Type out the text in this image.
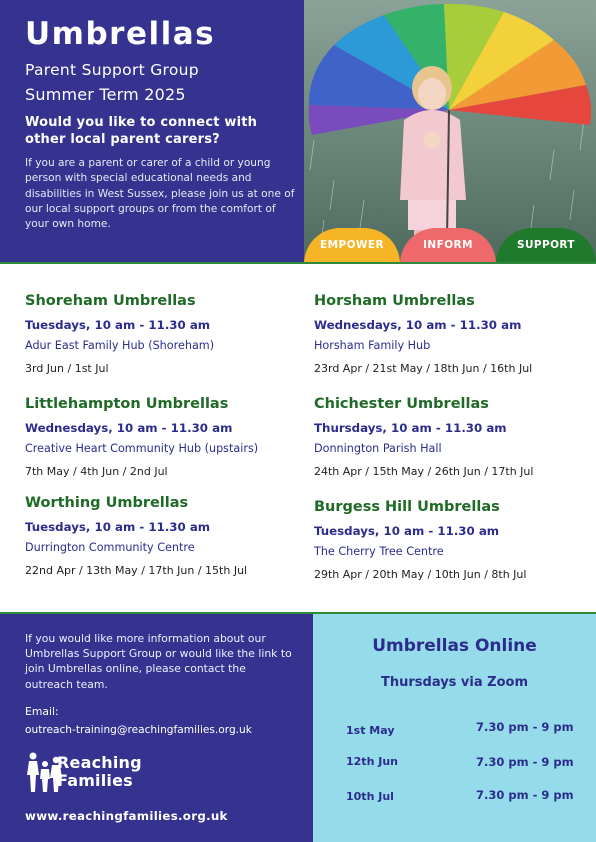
Umbrellas
Parent Support Group
Summer Term 2025
Would you like to connect with other local parent carers?
If you are a parent or carer of a child or young person with special educational needs and disabilities in West Sussex, please join us at one of our local support groups or from the comfort of your own home.
EMPOWER	INFORM	SUPPORT
Shoreham Umbrellas
Tuesdays, 10 am - 11.30 am
Adur East Family Hub (Shoreham)
3rd Jun / 1st Jul
Littlehampton Umbrellas
Wednesdays, 10 am - 11.30 am
Creative Heart Community Hub (upstairs)
7th May / 4th Jun / 2nd Jul
Worthing Umbrellas
Tuesdays, 10 am - 11.30 am
Durrington Community Centre
22nd Apr / 13th May / 17th Jun / 15th Jul
Horsham Umbrellas
Wednesdays, 10 am - 11.30 am
Horsham Family Hub
23rd Apr / 21st May / 18th Jun / 16th Jul
Chichester Umbrellas
Thursdays, 10 am - 11.30 am
Donnington Parish Hall
24th Apr / 15th May / 26th Jun / 17th Jul
Burgess Hill Umbrellas
Tuesdays, 10 am - 11.30 am
The Cherry Tree Centre
29th Apr / 20th May / 10th Jun / 8th Jul
If you would like more information about our Umbrellas Support Group or would like the link to join Umbrellas online, please contact the outreach team.
Email:
outreach-training@reachingfamilies.org.uk
Reaching
Families
www.reachingfamilies.org.uk
Umbrellas Online
Thursdays via Zoom
1st May	7.30 pm - 9 pm
12th Jun	7.30 pm - 9 pm
10th Jul	7.30 pm - 9 pm
